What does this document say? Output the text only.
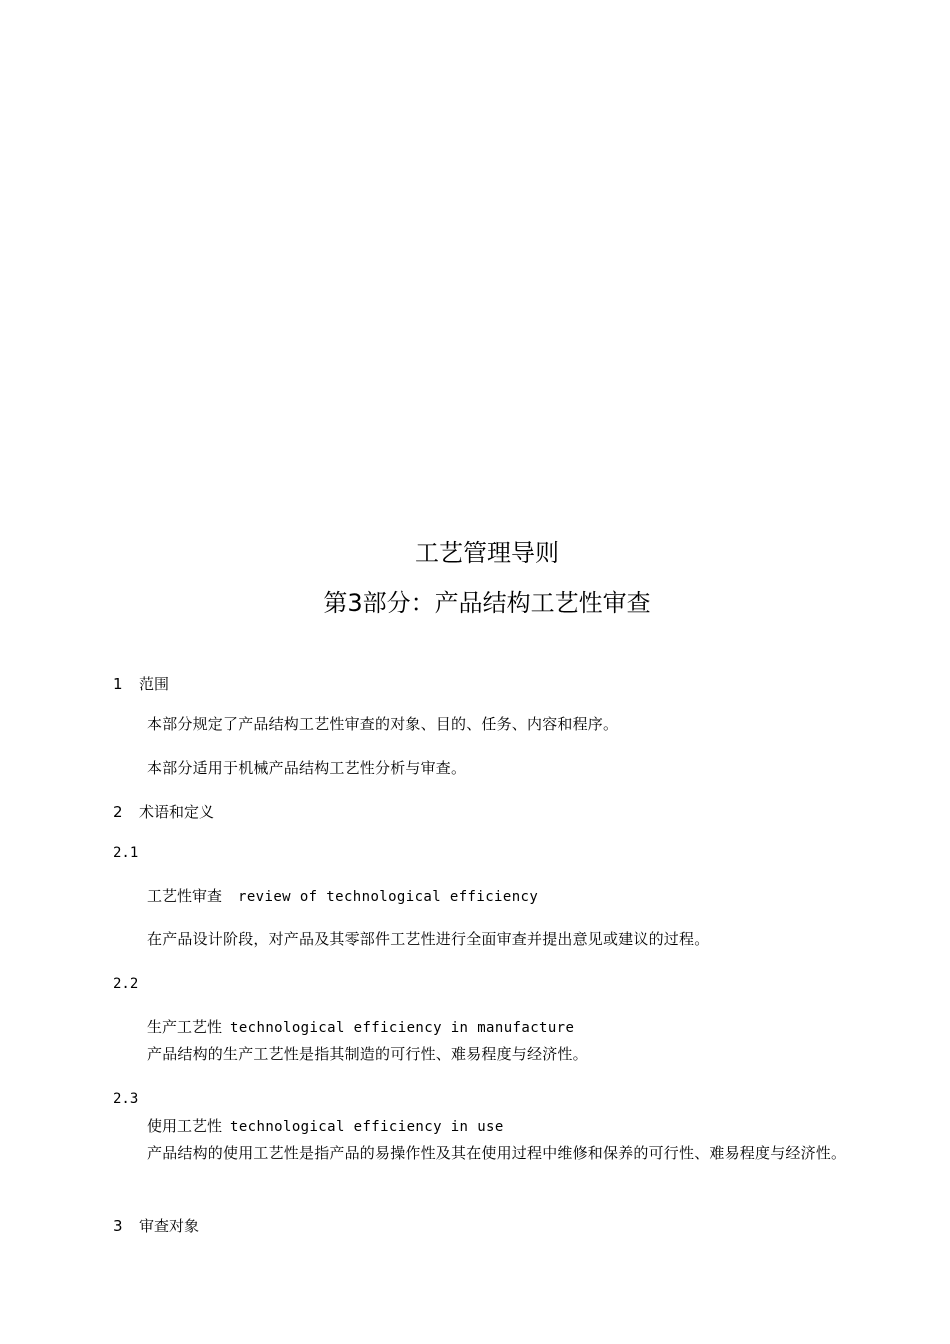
工艺管理导则
第3部分：产品结构工艺性审查
1 范围
本部分规定了产品结构工艺性审查的对象、目的、任务、内容和程序。
本部分适用于机械产品结构工艺性分析与审查。
2 术语和定义
2.1
工艺性审查 review of technological efficiency
在产品设计阶段，对产品及其零部件工艺性进行全面审查并提出意见或建议的过程。
2.2
生产工艺性 technological efficiency in manufacture
产品结构的生产工艺性是指其制造的可行性、难易程度与经济性。
2.3
使用工艺性 technological efficiency in use
产品结构的使用工艺性是指产品的易操作性及其在使用过程中维修和保养的可行性、难易程度与经济性。
3 审查对象
